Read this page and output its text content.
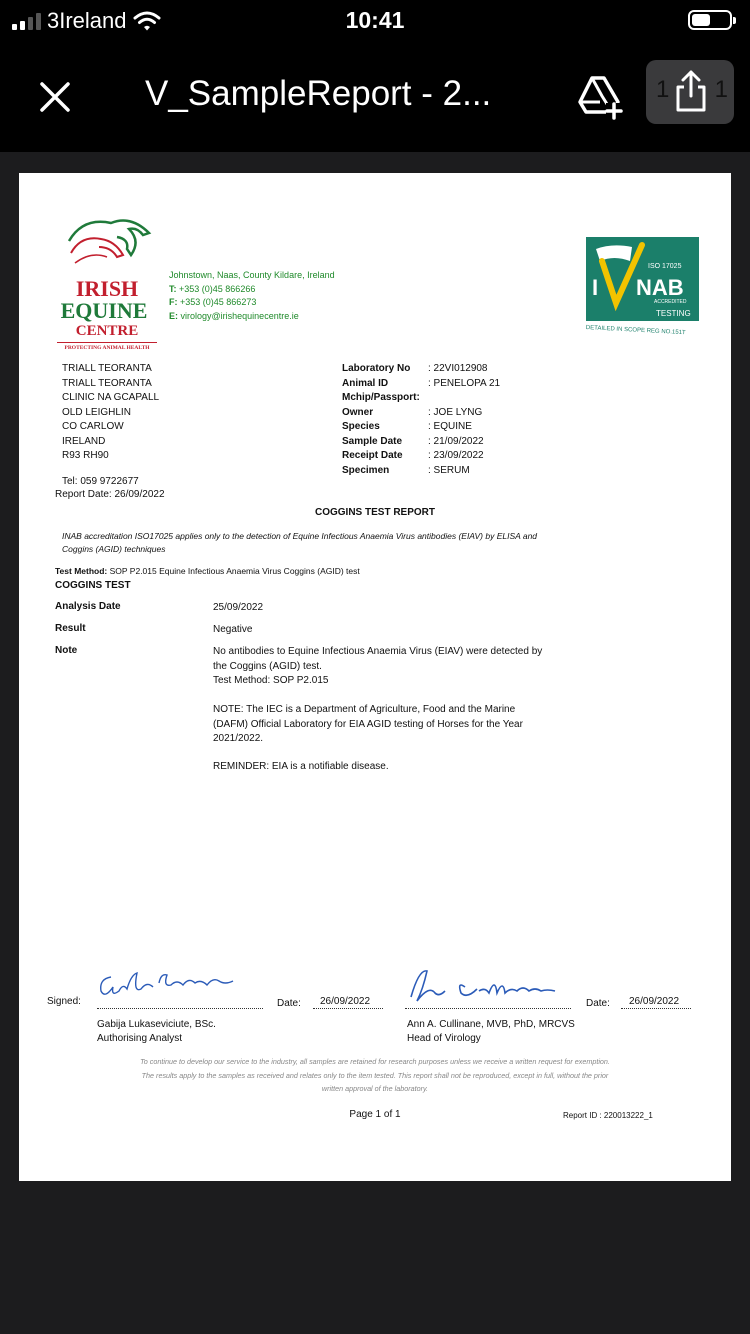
3Ireland	10:41
V_SampleReport - 2...	1 1
IRISH
EQUINE
CENTRE
PROTECTING ANIMAL HEALTH
Johnstown, Naas, County Kildare, Ireland
T: +353 (0)45 866266
F: +353 (0)45 866273
E: virology@irishequinecentre.ie
ISO 17025
I NAB
ACCREDITED
TESTING
DETAILED IN SCOPE REG NO.151T
TRIALL TEORANTA
TRIALL TEORANTA
CLINIC NA GCAPALL
OLD LEIGHLIN
CO CARLOW
IRELAND
R93 RH90
Laboratory No	: 22VI012908
Animal ID	: PENELOPA 21
Mchip/Passport:
Owner	: JOE LYNG
Species	: EQUINE
Sample Date	: 21/09/2022
Receipt Date	: 23/09/2022
Specimen	: SERUM
Tel: 059 9722677
Report Date: 26/09/2022
COGGINS TEST REPORT
INAB accreditation ISO17025 applies only to the detection of Equine Infectious Anaemia Virus antibodies (EIAV) by ELISA and
Coggins (AGID) techniques
Test Method: SOP P2.015 Equine Infectious Anaemia Virus Coggins (AGID) test
COGGINS TEST
Analysis Date	25/09/2022
Result	Negative
Note	No antibodies to Equine Infectious Anaemia Virus (EIAV) were detected by
the Coggins (AGID) test.
Test Method: SOP P2.015
NOTE: The IEC is a Department of Agriculture, Food and the Marine
(DAFM) Official Laboratory for EIA AGID testing of Horses for the Year
2021/2022.
REMINDER: EIA is a notifiable disease.
Signed:	Date: 26/09/2022
Gabija Lukaseviciute, BSc.
Authorising Analyst
Date: 26/09/2022
Ann A. Cullinane, MVB, PhD, MRCVS
Head of Virology
To continue to develop our service to the industry, all samples are retained for research purposes unless we receive a written request for exemption.
The results apply to the samples as received and relates only to the item tested. This report shall not be reproduced, except in full, without the prior
written approval of the laboratory.
Page 1 of 1	Report ID : 220013222_1
